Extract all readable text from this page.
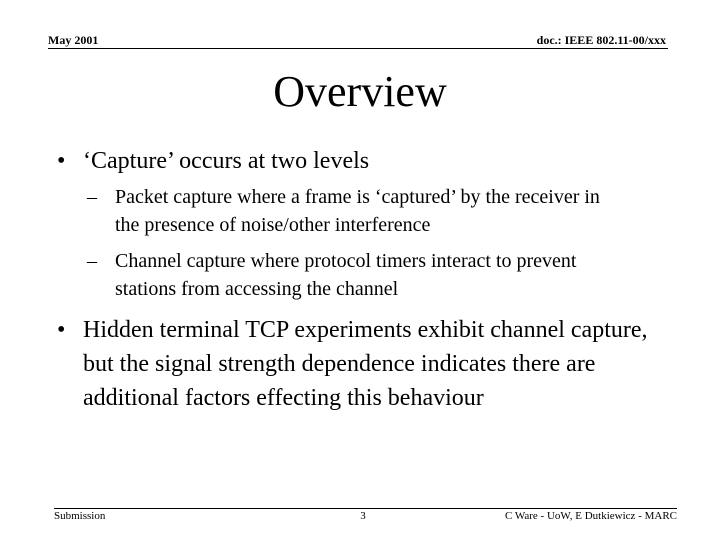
May 2001	doc.: IEEE 802.11-00/xxx
Overview
• ‘Capture’ occurs at two levels
– Packet capture where a frame is ‘captured’ by the receiver in the presence of noise/other interference
– Channel capture where protocol timers interact to prevent stations from accessing the channel
• Hidden terminal TCP experiments exhibit channel capture, but the signal strength dependence indicates there are additional factors effecting this behaviour
Submission	3	C Ware - UoW, E Dutkiewicz - MARC
